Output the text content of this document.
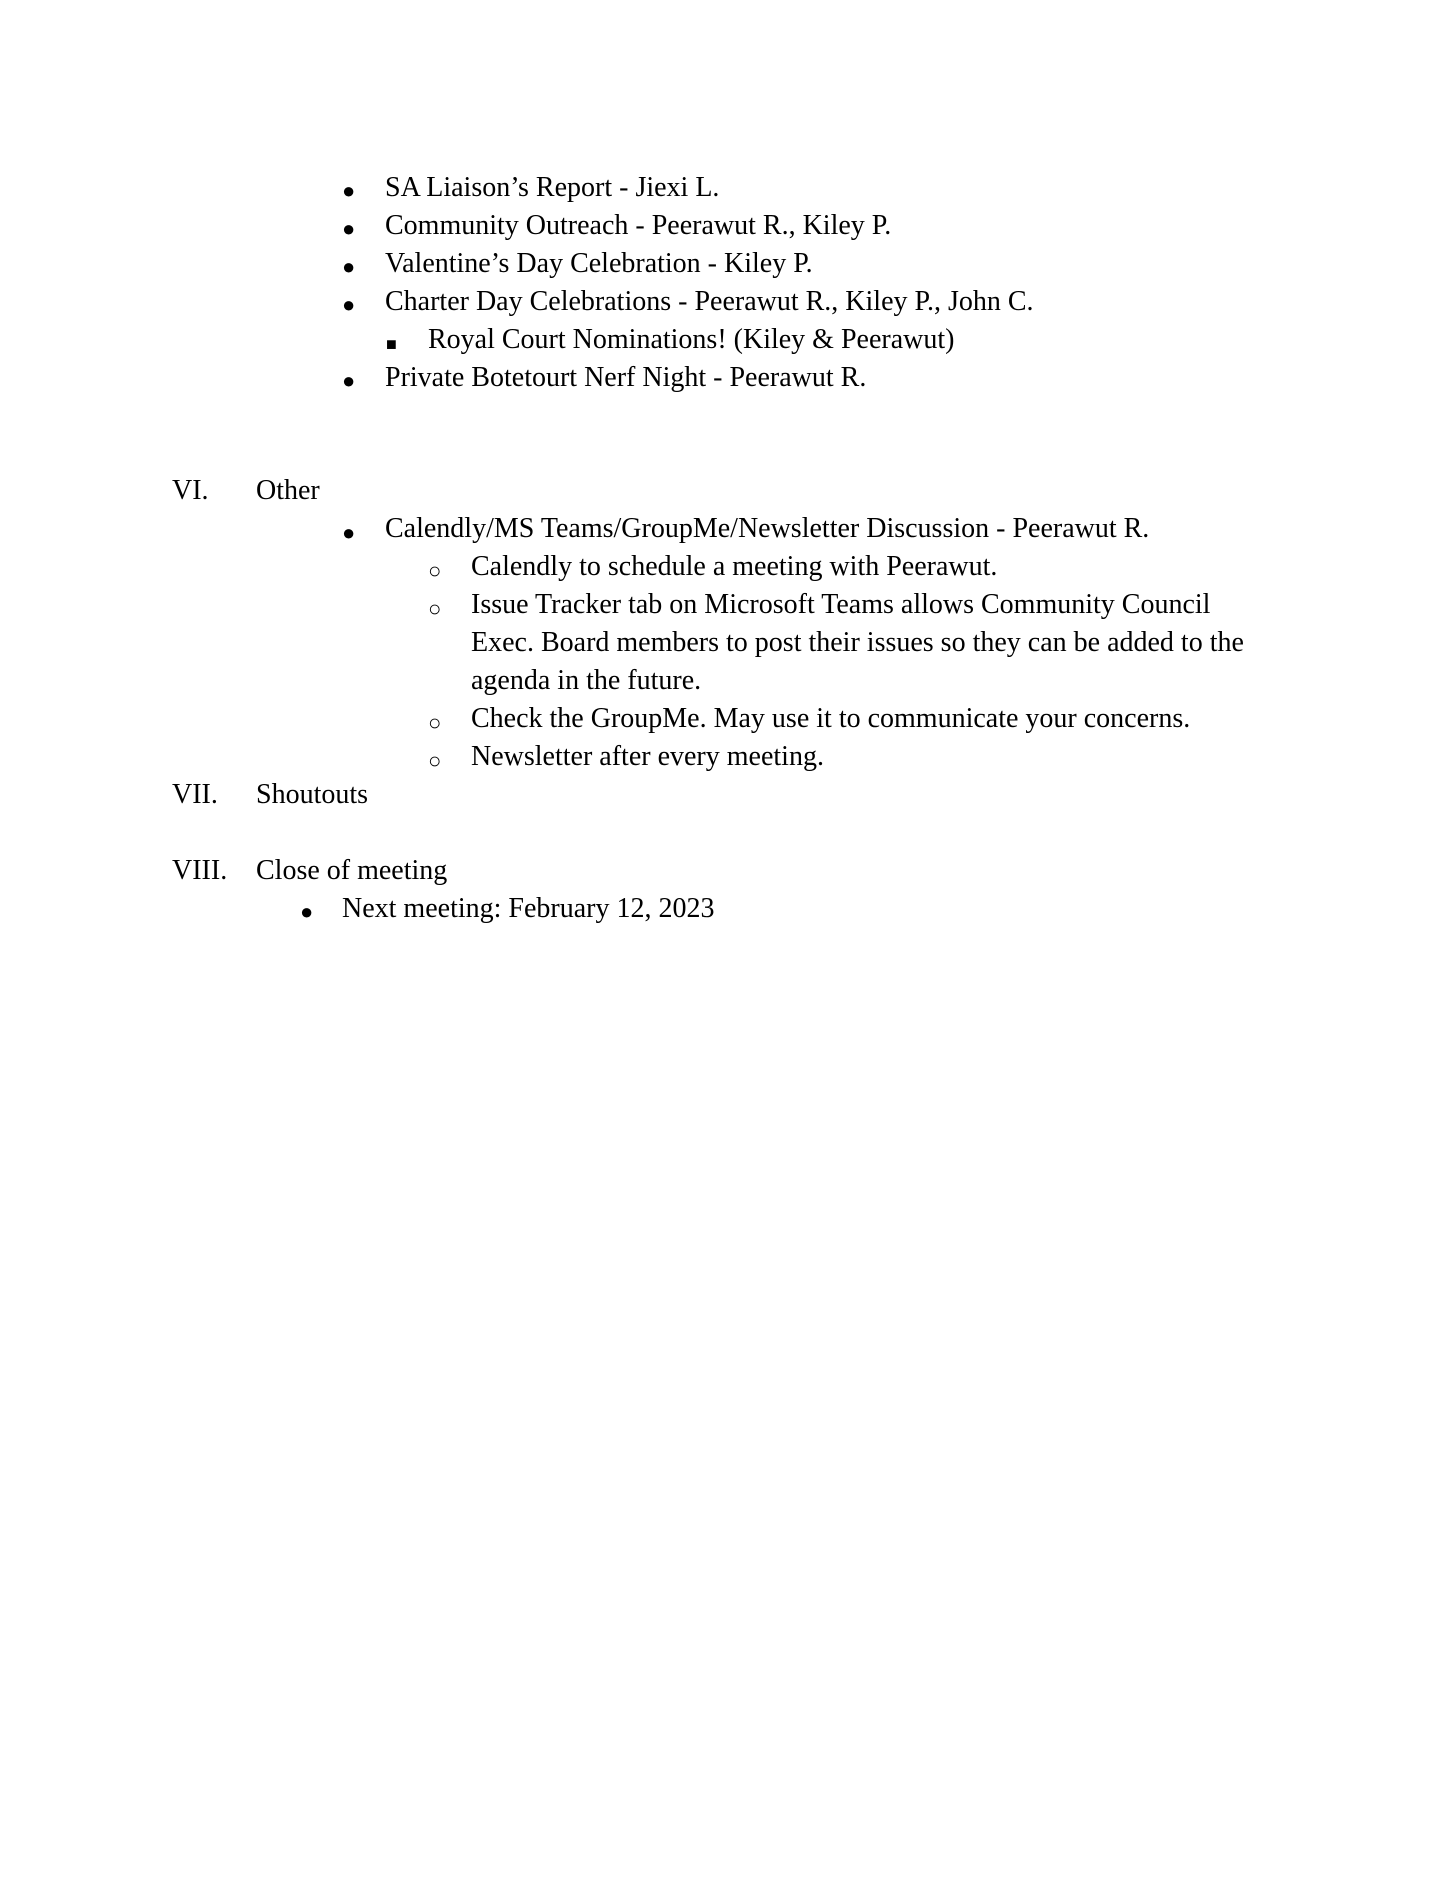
● SA Liaison’s Report - Jiexi L.
● Community Outreach - Peerawut R., Kiley P.
● Valentine’s Day Celebration - Kiley P.
● Charter Day Celebrations - Peerawut R., Kiley P., John C.
■ Royal Court Nominations! (Kiley & Peerawut)
● Private Botetourt Nerf Night - Peerawut R.
VI. Other
● Calendly/MS Teams/GroupMe/Newsletter Discussion - Peerawut R.
○ Calendly to schedule a meeting with Peerawut.
○ Issue Tracker tab on Microsoft Teams allows Community Council
Exec. Board members to post their issues so they can be added to the
agenda in the future.
○ Check the GroupMe. May use it to communicate your concerns.
○ Newsletter after every meeting.
VII. Shoutouts
VIII. Close of meeting
● Next meeting: February 12, 2023
